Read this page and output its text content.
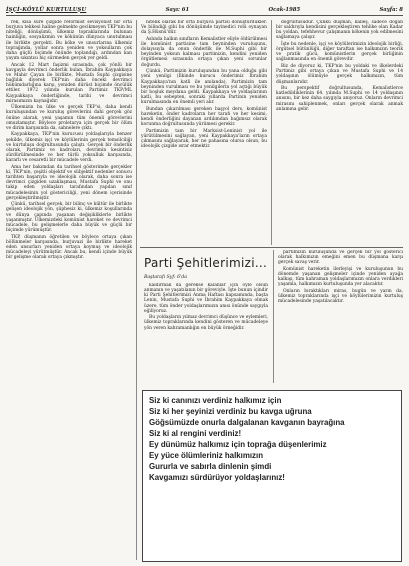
İŞÇİ-KÖYLÜ KURTULUŞU	Sayı: 61	Ocak-1985	Sayfa: 8

rek, kısa süre çizgide reformist sevisyonist bir orta burjuva tekkesi haline gelmekte gecikmeyen TKP'nin bu niteliği, dönüşümü, ülkemiz topraklarında bulunan hainliğin, sosyalizmin ve kökünün dünyaca unutulması ile birlikte gerçekti. Bu köke ve unsurlarına ülkemiz toprağında, yollar sonra yeniden ve yoksulların çok daha güçlü biçimde önünde toplandığı, ardından kan yayım sıkıntısı hiç sürmeden gerçek yer geldi.

Ancak 12 Mart faşizmi sırasında, çok yönlü bir kavgayla devrimci önderlik bulan, İbrahim Kaypakkaya ve Mahir Çayan ile birlikte, Mustafa Suphi çizgisine bağlılık diyerek TKP'nin daha önceki devrimci hükümdarlığına karşı, yeniden dürüst biçimde öncülük ettiler. 1972 yılında kurulan Partimiz TKP/ML Kaypakkaya önderliğinde, tarihi ve devrimci mirasımızın kaynağıdır.

Ülkemizin bu ülke ve gerçek TKP'si, daha kendi kuruluşundan ve kuruluş görevlerini dahi gerçek göz önüne alarak, yeni yaşamın tüm önemli görevlerini omuzlamıştır. Böylece proletarya için gerçek bir ölüm ve dirim karşısında da, sahnelere çıktı.

Kaypakkaya, TKP'nin kurucusu yoldaşlarıyla benzer şekilde, ülkemiz işçi ve köylülerinin gerçek temsilciliği ve kurtuluşu doğrultusunda çalıştı. Gerçek bir önderlik olarak, Partimiz ve kadroları, devrimin kesintisiz sürdürülmesinde ve her türlü yoksulluk karşısında, kararlı ve cesaretli bir mücadele verdi.

Ama her bakımdan da tarihsel gösterimde gerçekler ki, TKP'nin, çeşitli objektif ve sübjektif nedenler sonucu tarihten başarıyla ve ideolojik olarak, daha sonra ise devrimci çizgiden uzaklaşması, Mustafa Suphi ve onu takip eden yoldaşları tarafından yapılan sınıf mücadelesinin yol göstericiliği, yeni dönem içerisinde gerçekleştirilmiştir.

Çünkü, tarihsel gerçek, bir bilinç ve kültür ile birlikte gelişen ideolojik yön, şüphesiz ki, ülkemiz koşullarında ve dünya çapında yaşanan değişikliklerle birlikte yaşanmıştır. Ülkemizdeki komünist hareket ve devrimci mücadele, bu gelişmelerle daha büyük ve güçlü bir biçimde yürümüştür.

TKP, düşmanın öğretilen ve böylece ortaya çıkan bölünmeler karşısında, burjuvazi ile birlikte hareket eden unsurları yeniden ortaya koymuş ve ideolojik mücadeleyi yürütmüştür. Ancak bu, kendi içinde büyük bir gelişme olarak ortaya çıkmıştır.

nitelik olarak bir orta burjuva partisi dönüştürdükler. Ve bilindiği gibi bu dönüşümde tayinedici rolü oynayan da Ş.Hüsnü'dür.

Aslında halkın sınıfların Kemalistler eliyle öldürülmesi ile komünist partisine tam beyninden vuruluşunu, dolayısıyla da onun önderlik ile M.Suphi gibi bir beyinden yoksun kalması partimizin, kendini yeniden örgütlemesi sırasında ortaya çıkan yeni sorunlar doğurdu.

Çünkü, Partimizin kuruluşundan bu yana olduğu gibi yeni yenilgi (İlkinde kurucu önderimiz İbrahim Kaypakkaya'nın katli ile anılanda), Partimizin tam beyninden vurulması ve bu yenilgilerin yol açtığı büyük bir boşluk meydana geldi. Kaypakkaya ve yoldaşlarının katli, bu sebepten, sonraki yıllarda Partinin yeniden kurulmasında en önemli yeri alır.

Bundan çıkarılması gereken başyol ders, komünist hareketin, önder kadroların her tarafı ve her kesimi, kendi önderliğini dayanan ardılımdan bağımsız olarak korunma doğrultusunda yürümesi gerekir.

Partimizin tam bir Marksist-Leninist yol ile yürütülmesini sağlayan, yeni Kaypakkaya'ların ortaya çıkmasını sağlayarak, her ne pahasına olursa olsun, bu ideolojik çizgide ısrar etmektir.

doğrultusudur. Çünkü düşman, kalleş, sadece doğan bir saldırıyla kendisini gerçekleştiren tehlike olan Kadar bu yoldan, tefehhevur çalışmanın kökenin yok edilmesini sağlamaya çalışır.

İşte bu nedenle, işçi ve köylülerimizin ideolojik birliği, örgütsel bütünlüğü, diğer taraftan ise halkımızın teorik ve pratik gücü, komünistlerin gerçek birliğinin sağlanmasında en önemli görevdir.

Biz de diyoruz ki, TKP'nin bu yoldaki ve ilkelerdeki Partimiz gibi ortaya çıkan ve Mustafa Suphi ve 14 yoldaşının ölümüyle gerçek halkımızın, tüm düşmanlarıdır.

Bu perspektif doğrultusunda, Kemalistlerce katledildiklerinin 64. yılında M.Suphi ve 14 yoldaşının anısını, bir kez daha saygıyla anıyoruz. Onların devrimci mirasını sahiplenmek, onları gerçek olarak anmak anlamına gelir.

Parti Şehitlerimizi...
Baştarafı Syf: 6'da

kaldırmak da gerekse kalanlar için öyle olsun anmanın ve yaşatılanın bir göreviyle. İşte bunun içindir ki Parti Şehitlerimizi Anma Haftası kapsamında, başta Lenin, Mustafa Suphi ve İbrahim Kaypakkaya olmak üzere, tüm önder yoldaşlarımızın anısı önünde saygıyla eğiliyoruz.

Bu yoldaşların yılmaz devrimci düşünce ve eylemleri, ülkemiz topraklarında kendini gösteren ve mücadeleye yön veren kahramanlığın en büyük örneğidir.

partimizin kuruluşunda ve gerçek bir yol gösterici olarak halkımızın emeğini emen bu düşmana karşı gerçek savaş verir.

Komünist hareketin ilerleyişi ve kuruluşunun bu dönemde yaşanan gelişmeler içinde yeniden ayağa kalkışı, tüm kahraman yoldaşlarımızın onlara verdikleri yaşamla, halkımızın kurtuluşunda yer alacaktır.

Onların bıraktıkları miras, bugün ve yarın da, ülkemiz topraklarında işçi ve köylülerimizin kurtuluş mücadelesinde yaşatılacaktır.

Siz ki canınızı verdiniz halkımız için
Siz ki her şeyinizi verdiniz bu kavga uğruna
Göğsümüzde onurla dalgalanan kavganın bayrağına
Siz ki al rengini verdiniz!
Ey dünümüz halkımız için toprağa düşenlerimiz
Ey yüce ölümleriniz halkımızın
Gururla ve sabırla dinlenin şimdi
Kavgamızı sürdürüyor yoldaşlarınız!
